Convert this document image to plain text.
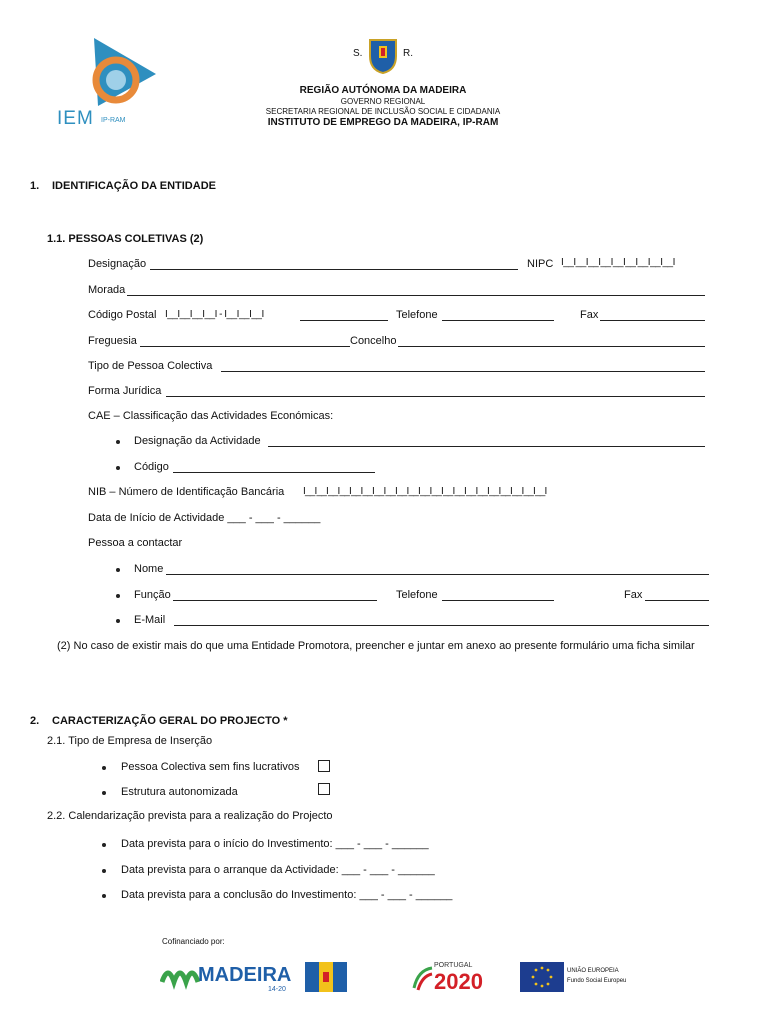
IEM IP-RAM
S.	R.
REGIÃO AUTÓNOMA DA MADEIRA
GOVERNO REGIONAL
SECRETARIA REGIONAL DE INCLUSÃO SOCIAL E CIDADANIA
INSTITUTO DE EMPREGO DA MADEIRA, IP-RAM
1. IDENTIFICAÇÃO DA ENTIDADE
1.1. PESSOAS COLETIVAS (2)
Designação	NIPC I__I__I__I__I__I__I__I__I__I
Morada
Código Postal I__I__I__I__I - I__I__I__I	Telefone	Fax
Freguesia	Concelho
Tipo de Pessoa Colectiva
Forma Jurídica
CAE – Classificação das Actividades Económicas:
Designação da Actividade
Código
NIB – Número de Identificação Bancária I__I__I__I__I__I__I__I__I__I__I__I__I__I__I__I__I__I__I__I__I__I
Data de Início de Actividade ___ - ___ - ______
Pessoa a contactar
Nome
Função	Telefone	Fax
E-Mail
(2) No caso de existir mais do que uma Entidade Promotora, preencher e juntar em anexo ao presente formulário uma ficha similar
2. CARACTERIZAÇÃO GERAL DO PROJECTO *
2.1. Tipo de Empresa de Inserção
Pessoa Colectiva sem fins lucrativos
Estrutura autonomizada
2.2. Calendarização prevista para a realização do Projecto
Data prevista para o início do Investimento: ___ - ___ - ______
Data prevista para o arranque da Actividade: ___ - ___ - ______
Data prevista para a conclusão do Investimento: ___ - ___ - ______
Cofinanciado por:
MADEIRA
14-20
PORTUGAL
2020	UNIÃO EUROPEIA
Fundo Social Europeu
